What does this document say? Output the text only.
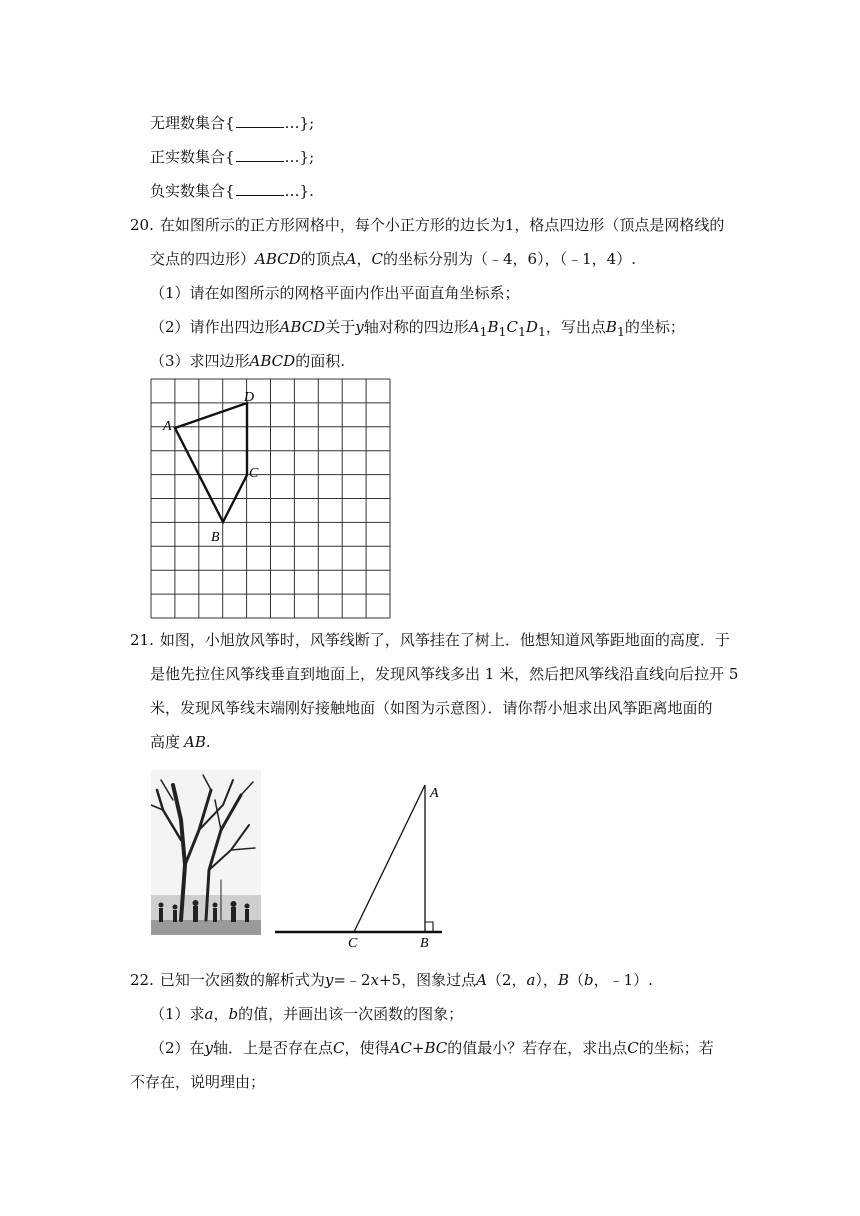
无理数集合{	…};
正实数集合{	…};
负实数集合{	…}.
20. 在如图所示的正方形网格中，每个小正方形的边长为1，格点四边形（顶点是网格线的
交点的四边形）ABCD的顶点A，C的坐标分别为（﹣4，6），（﹣1，4）.
（1）请在如图所示的网格平面内作出平面直角坐标系；
（2）请作出四边形ABCD关于y轴对称的四边形$A_1B_1C_1D_1$，写出点$B_1$的坐标；
（3）求四边形ABCD的面积.
A
D
C
B
21. 如图，小旭放风筝时，风筝线断了，风筝挂在了树上．他想知道风筝距地面的高度．于
是他先拉住风筝线垂直到地面上，发现风筝线多出 1 米，然后把风筝线沿直线向后拉开 5
米，发现风筝线末端刚好接触地面（如图为示意图）．请你帮小旭求出风筝距离地面的
高度 AB.
A
C	B
22. 已知一次函数的解析式为y=﹣2x+5，图象过点A（2，a），B（b，﹣1）.
（1）求a，b的值，并画出该一次函数的图象；
（2）在y轴．上是否存在点C，使得AC+BC的值最小？若存在，求出点C的坐标；若
不存在，说明理由；
